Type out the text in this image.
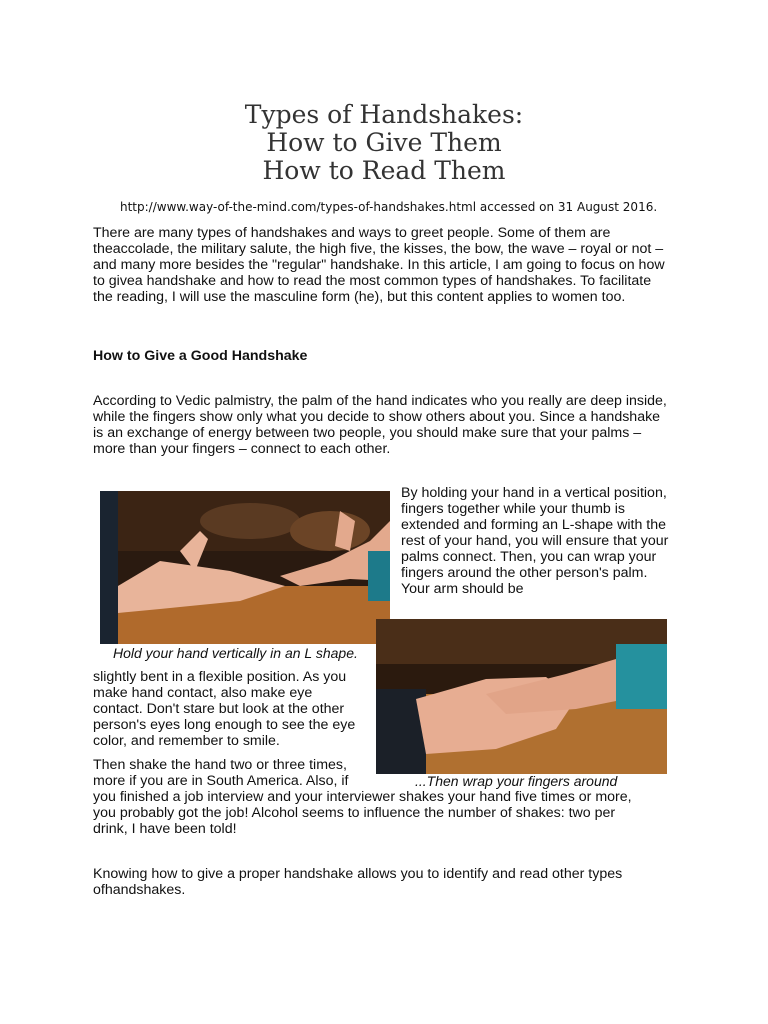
Types of Handshakes:
How to Give Them
How to Read Them
http://www.way-of-the-mind.com/types-of-handshakes.html accessed on 31 August 2016.

There are many types of handshakes and ways to greet people. Some of them are theaccolade, the military salute, the high five, the kisses, the bow, the wave – royal or not – and many more besides the "regular" handshake. In this article, I am going to focus on how to givea handshake and how to read the most common types of handshakes. To facilitate the reading, I will use the masculine form (he), but this content applies to women too.

How to Give a Good Handshake

According to Vedic palmistry, the palm of the hand indicates who you really are deep inside, while the fingers show only what you decide to show others about you. Since a handshake is an exchange of energy between two people, you should make sure that your palms – more than your fingers – connect to each other.

Hold your hand vertically in an L shape.

By holding your hand in a vertical position, fingers together while your thumb is extended and forming an L-shape with the rest of your hand, you will ensure that your palms connect. Then, you can wrap your fingers around the other person's palm. Your arm should be

slightly bent in a flexible position. As you make hand contact, also make eye contact. Don't stare but look at the other person's eyes long enough to see the eye color, and remember to smile.

Then shake the hand two or three times, more if you are in South America. Also, if	...Then wrap your fingers around

you finished a job interview and your interviewer shakes your hand five times or more, you probably got the job! Alcohol seems to influence the number of shakes: two per drink, I have been told!

Knowing how to give a proper handshake allows you to identify and read other types ofhandshakes.
